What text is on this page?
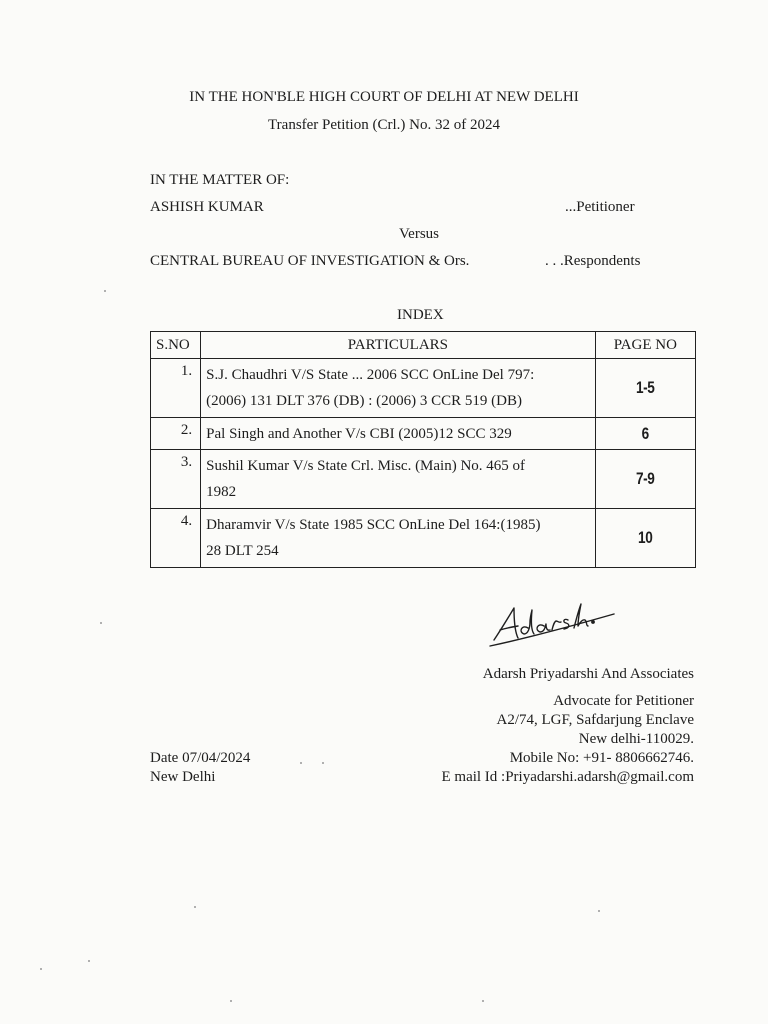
IN THE HON'BLE HIGH COURT OF DELHI AT NEW DELHI
Transfer Petition (Crl.) No. 32 of 2024
IN THE MATTER OF:
ASHISH KUMAR	...Petitioner
Versus
CENTRAL BUREAU OF INVESTIGATION & Ors.	. . .Respondents
INDEX
S.NO	PARTICULARS	PAGE NO
1.	S.J. Chaudhri V/S State ... 2006 SCC OnLine Del 797:
(2006) 131 DLT 376 (DB) : (2006) 3 CCR 519 (DB)	1-5
2.	Pal Singh and Another V/s CBI (2005)12 SCC 329	6
3.	Sushil Kumar V/s State Crl. Misc. (Main) No. 465 of
1982	7-9
4.	Dharamvir V/s State 1985 SCC OnLine Del 164:(1985)
28 DLT 254	10
Adarsh Priyadarshi And Associates
Advocate for Petitioner
A2/74, LGF, Safdarjung Enclave
New delhi-110029.
Mobile No: +91- 8806662746.
E mail Id :Priyadarshi.adarsh@gmail.com
Date 07/04/2024
New Delhi
